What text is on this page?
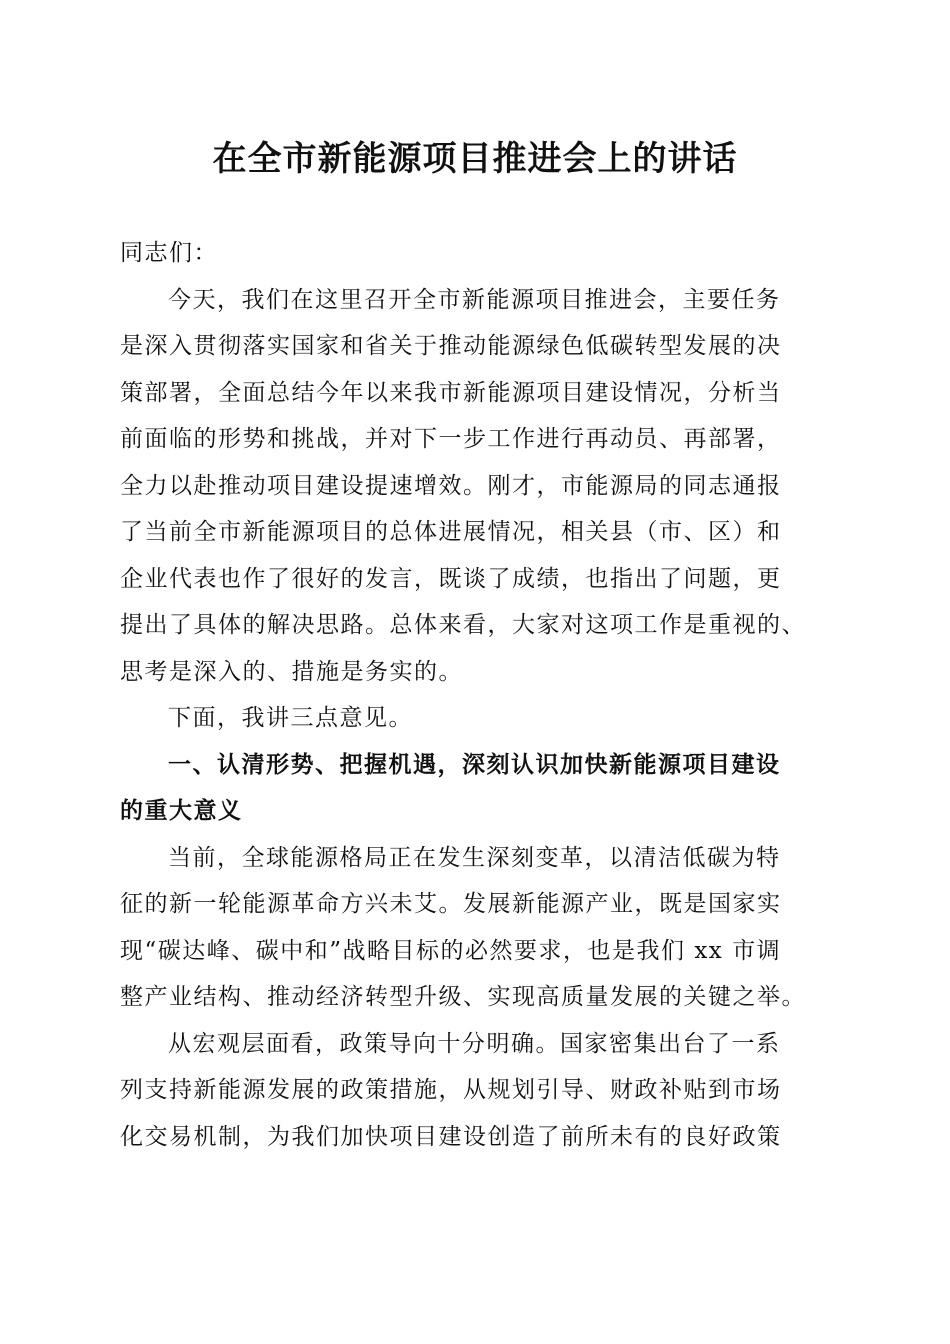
在全市新能源项目推进会上的讲话

同志们：

今天，我们在这里召开全市新能源项目推进会，主要任务
是深入贯彻落实国家和省关于推动能源绿色低碳转型发展的决
策部署，全面总结今年以来我市新能源项目建设情况，分析当
前面临的形势和挑战，并对下一步工作进行再动员、再部署，
全力以赴推动项目建设提速增效。刚才，市能源局的同志通报
了当前全市新能源项目的总体进展情况，相关县（市、区）和
企业代表也作了很好的发言，既谈了成绩，也指出了问题，更
提出了具体的解决思路。总体来看，大家对这项工作是重视的、
思考是深入的、措施是务实的。

下面，我讲三点意见。

一、认清形势、把握机遇，深刻认识加快新能源项目建设
的重大意义

当前，全球能源格局正在发生深刻变革，以清洁低碳为特
征的新一轮能源革命方兴未艾。发展新能源产业，既是国家实
现“碳达峰、碳中和”战略目标的必然要求，也是我们 xx 市调
整产业结构、推动经济转型升级、实现高质量发展的关键之举。

从宏观层面看，政策导向十分明确。国家密集出台了一系
列支持新能源发展的政策措施，从规划引导、财政补贴到市场
化交易机制，为我们加快项目建设创造了前所未有的良好政策
